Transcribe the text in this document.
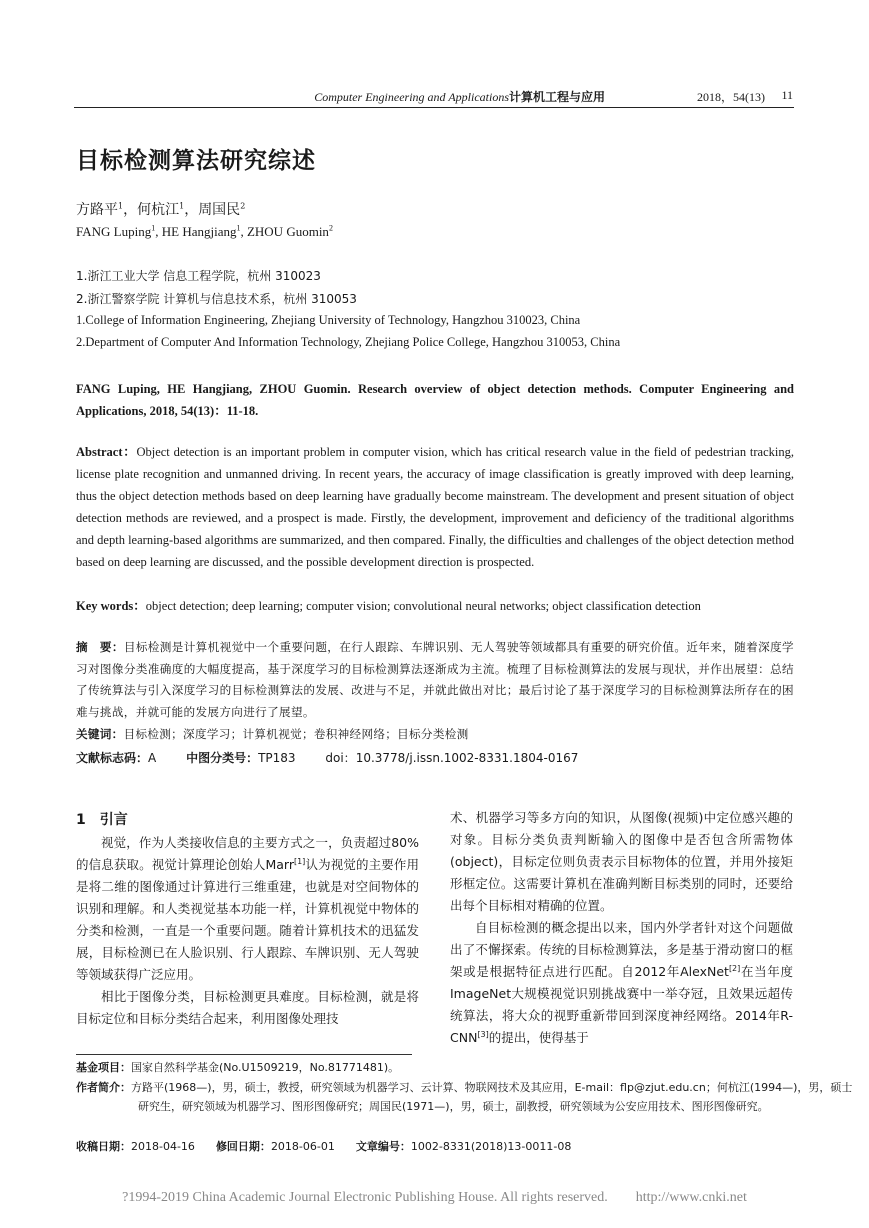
Computer Engineering and Applications计算机工程与应用	2018，54(13) 11
目标检测算法研究综述
方路平$^1$，何杭江$^1$，周国民$^2$
FANG Luping$^1$, HE Hangjiang$^1$, ZHOU Guomin$^2$
1.浙江工业大学 信息工程学院，杭州 310023
2.浙江警察学院 计算机与信息技术系，杭州 310053
1.College of Information Engineering, Zhejiang University of Technology, Hangzhou 310023, China
2.Department of Computer And Information Technology, Zhejiang Police College, Hangzhou 310053, China
FANG Luping, HE Hangjiang, ZHOU Guomin. Research overview of object detection methods. Computer Engineering and Applications, 2018, 54(13)：11-18.
Abstract：Object detection is an important problem in computer vision, which has critical research value in the field of pedestrian tracking, license plate recognition and unmanned driving. In recent years, the accuracy of image classification is greatly improved with deep learning, thus the object detection methods based on deep learning have gradually become mainstream. The development and present situation of object detection methods are reviewed, and a prospect is made. Firstly, the development, improvement and deficiency of the traditional algorithms and depth learning-based algorithms are summarized, and then compared. Finally, the difficulties and challenges of the object detection method based on deep learning are discussed, and the possible development direction is prospected.
Key words：object detection; deep learning; computer vision; convolutional neural networks; object classification detection
摘　要：目标检测是计算机视觉中一个重要问题，在行人跟踪、车牌识别、无人驾驶等领域都具有重要的研究价值。近年来，随着深度学习对图像分类准确度的大幅度提高，基于深度学习的目标检测算法逐渐成为主流。梳理了目标检测算法的发展与现状，并作出展望：总结了传统算法与引入深度学习的目标检测算法的发展、改进与不足，并就此做出对比；最后讨论了基于深度学习的目标检测算法所存在的困难与挑战，并就可能的发展方向进行了展望。
关键词：目标检测；深度学习；计算机视觉；卷积神经网络；目标分类检测
文献标志码：A 中图分类号：TP183 doi：10.3778/j.issn.1002-8331.1804-0167
1　引言

视觉，作为人类接收信息的主要方式之一，负责超过80%的信息获取。视觉计算理论创始人Marr[1]认为视觉的主要作用是将二维的图像通过计算进行三维重建，也就是对空间物体的识别和理解。和人类视觉基本功能一样，计算机视觉中物体的分类和检测，一直是一个重要问题。随着计算机技术的迅猛发展，目标检测已在人脸识别、行人跟踪、车牌识别、无人驾驶等领域获得广泛应用。

相比于图像分类，目标检测更具难度。目标检测，就是将目标定位和目标分类结合起来，利用图像处理技

术、机器学习等多方向的知识，从图像(视频)中定位感兴趣的对象。目标分类负责判断输入的图像中是否包含所需物体(object)，目标定位则负责表示目标物体的位置，并用外接矩形框定位。这需要计算机在准确判断目标类别的同时，还要给出每个目标相对精确的位置。

自目标检测的概念提出以来，国内外学者针对这个问题做出了不懈探索。传统的目标检测算法，多是基于滑动窗口的框架或是根据特征点进行匹配。自2012年AlexNet[2]在当年度ImageNet大规模视觉识别挑战赛中一举夺冠，且效果远超传统算法，将大众的视野重新带回到深度神经网络。2014年R-CNN[3]的提出，使得基于

基金项目：国家自然科学基金(No.U1509219，No.81771481)。
作者简介：方路平(1968—)，男，硕士，教授，研究领域为机器学习、云计算、物联网技术及其应用，E-mail：flp@zjut.edu.cn；何杭江(1994—)，男，硕士研究生，研究领域为机器学习、图形图像研究；周国民(1971—)，男，硕士，副教授，研究领域为公安应用技术、图形图像研究。
收稿日期：2018-04-16 修回日期：2018-06-01 文章编号：1002-8331(2018)13-0011-08
?1994-2019 China Academic Journal Electronic Publishing House. All rights reserved.　　http://www.cnki.net
